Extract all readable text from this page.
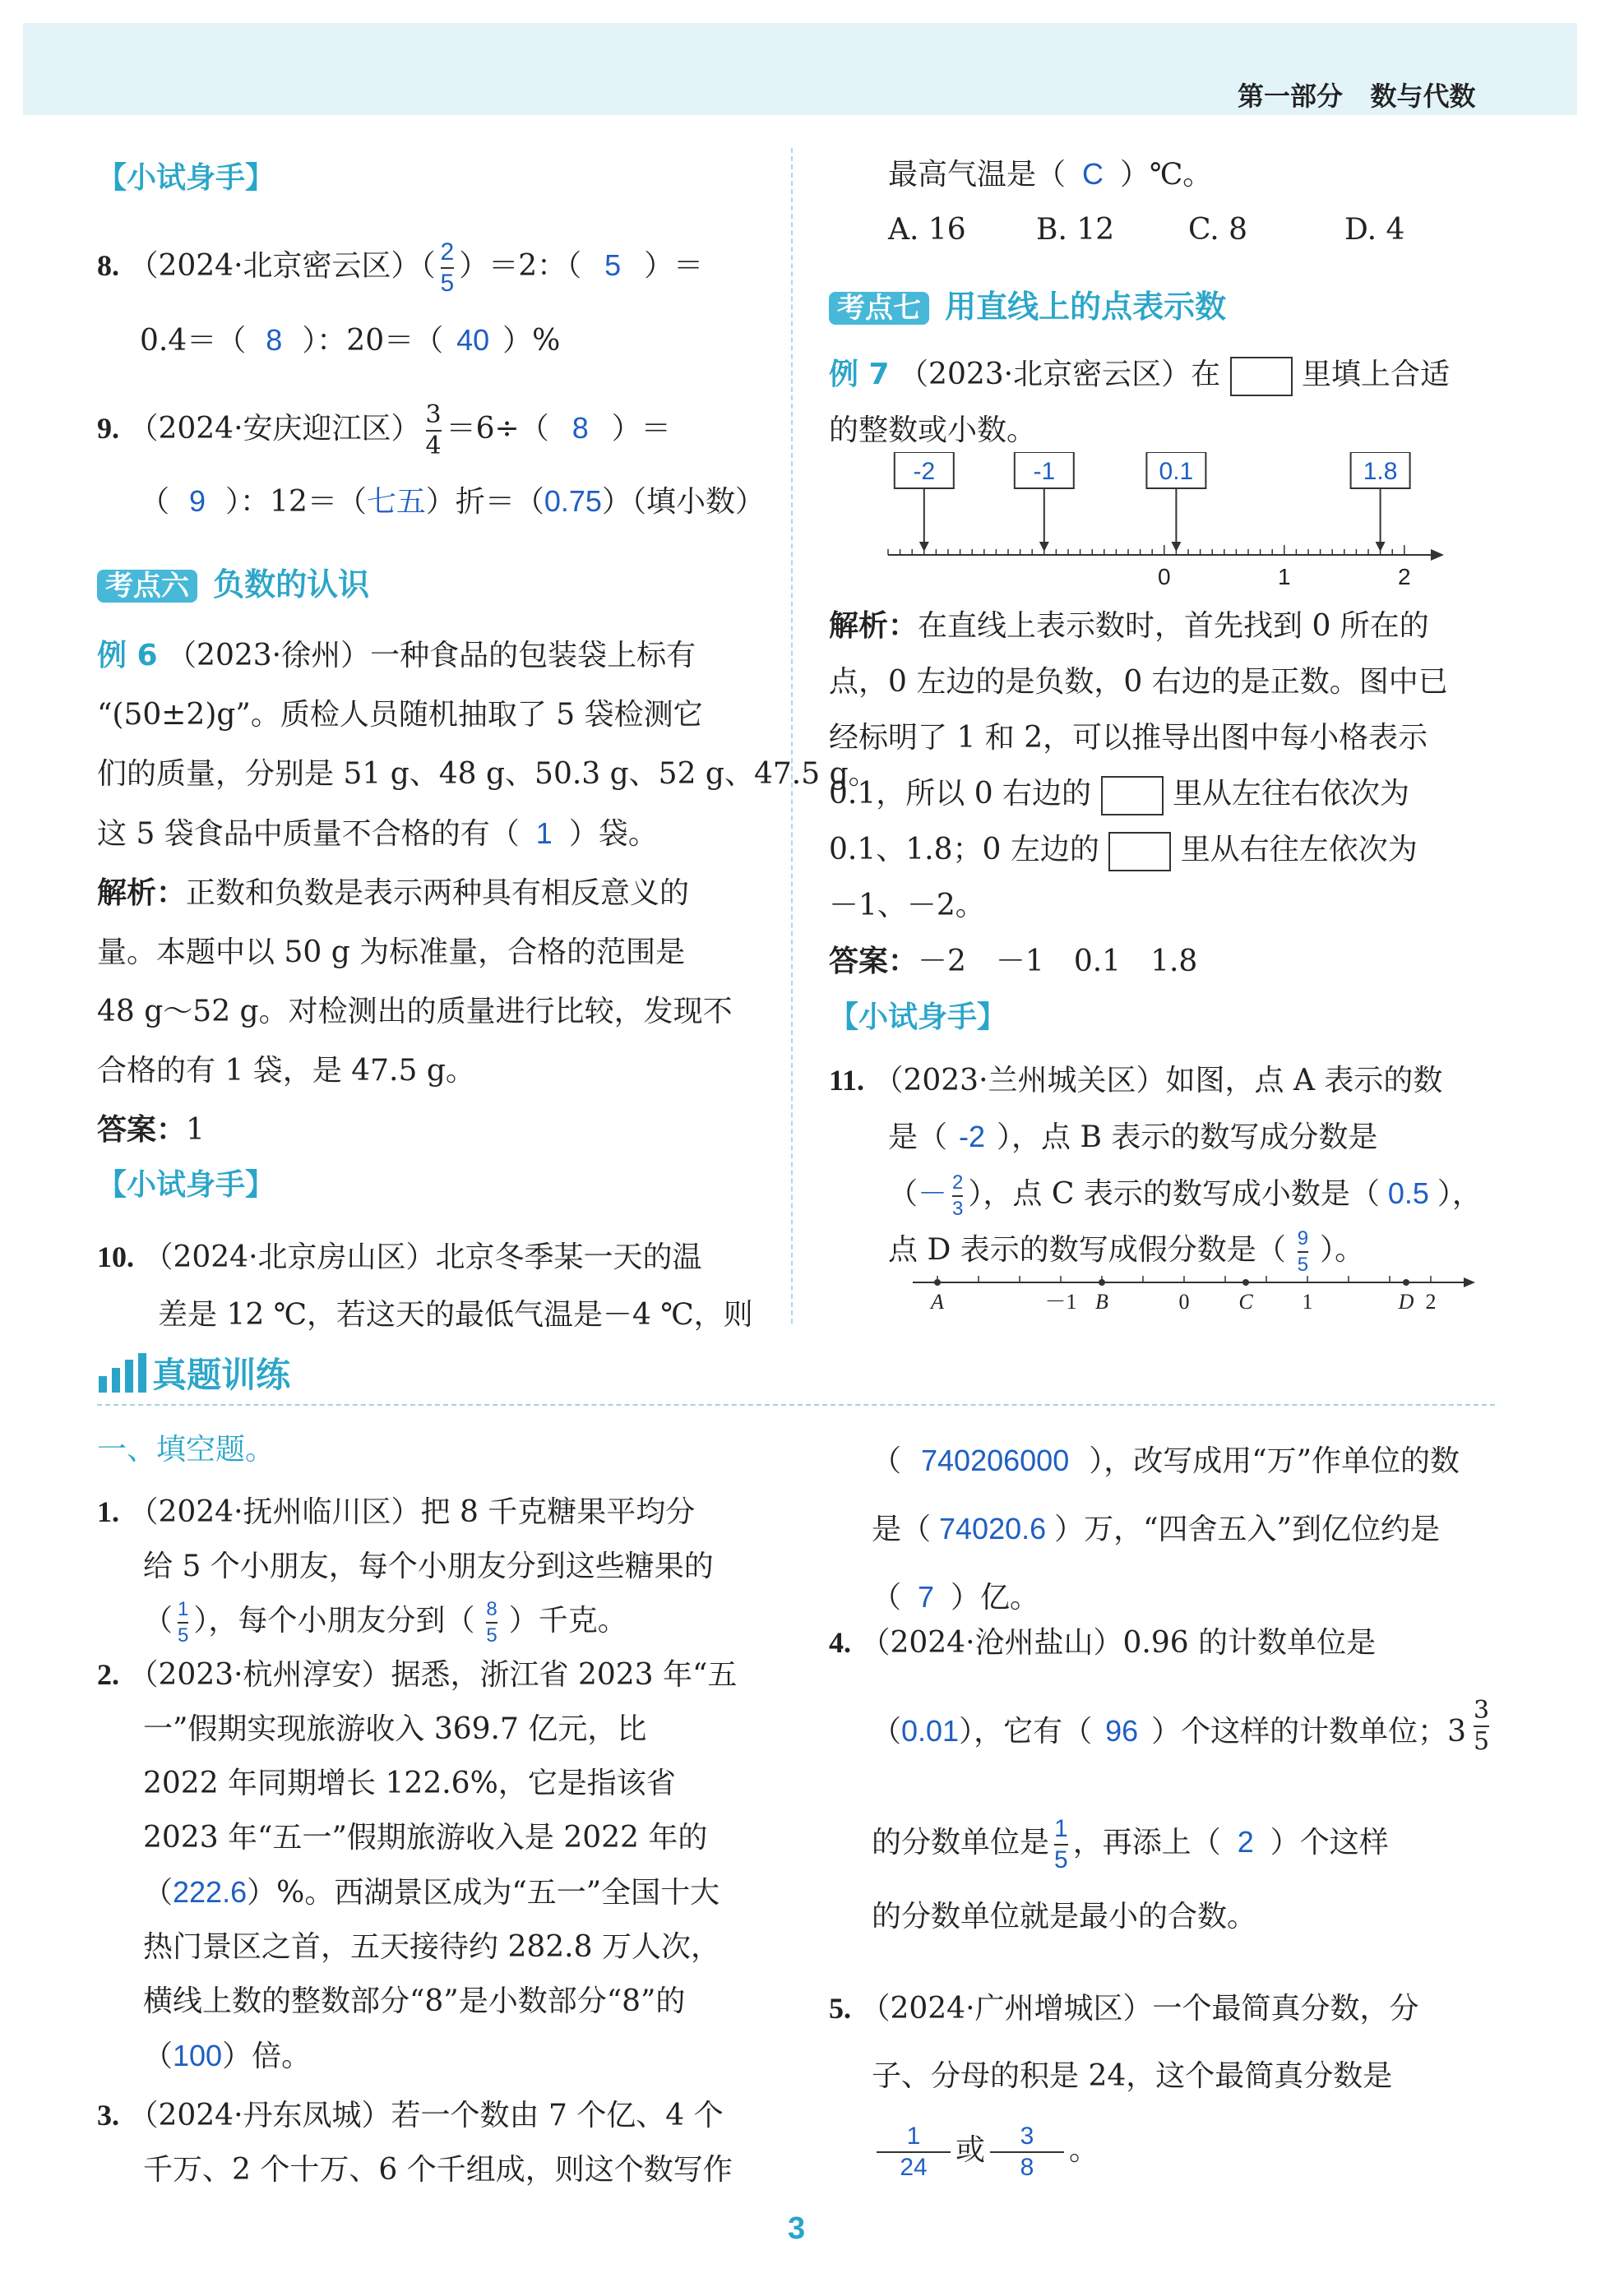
第一部分 数与代数
【小试身手】
8. （2024·北京密云区）（ $\frac{2}{5} )=2$：（ 5 ）＝
0.4＝（ 8 ）：20＝（ 40 ）%
9. （2024·安庆迎江区） $\frac{3}{4} =6\div$（ 8 ）＝
（ 9 ）：12＝（七五）折＝（0.75）（填小数）
考点六 负数的认识
例 6 （2023·徐州）一种食品的包装袋上标有
“(50±2)g”。质检人员随机抽取了 5 袋检测它
们的质量，分别是 51 g、48 g、50.3 g、52 g、47.5 g。
这 5 袋食品中质量不合格的有（ 1 ）袋。
解析：正数和负数是表示两种具有相反意义的
量。本题中以 50 g 为标准量，合格的范围是
48 g～52 g。对检测出的质量进行比较，发现不
合格的有 1 袋，是 47.5 g。
答案：1
【小试身手】
10. （2024·北京房山区）北京冬季某一天的温
差是 12 ℃，若这天的最低气温是－4 ℃，则
最高气温是（ C ）℃。
A. 16 B. 12 C. 8	D. 4
考点七 用直线上的点表示数
例 7 （2023·北京密云区）在	里填上合适
的整数或小数。
0	1	2
-2	-1	0.1	1.8
解析：在直线上表示数时，首先找到 0 所在的
点，0 左边的是负数，0 右边的是正数。图中已
经标明了 1 和 2，可以推导出图中每小格表示
0.1，所以 0 右边的	里从左往右依次为
0.1、1.8；0 左边的	里从右往左依次为
－1、－2。
答案：－2　－1　0.1　1.8
【小试身手】
11. （2023·兰州城关区）如图，点 A 表示的数
是（ -2 ），点 B 表示的数写成分数是
（－ $\frac{2}{3}$ ），点 C 表示的数写成小数是（ 0.5 ），
点 D 表示的数写成假分数是（ $\frac{9}{5}$ ）。
A	－1 B	0 C 1	D 2
真题训练
一、填空题。
1. （2024·抚州临川区）把 8 千克糖果平均分
给 5 个小朋友，每个小朋友分到这些糖果的
（ $\frac{1}{5}$ ），每个小朋友分到（ $\frac{8}{5}$ ）千克。
2. （2023·杭州淳安）据悉，浙江省 2023 年“五
一”假期实现旅游收入 369.7 亿元，比
2022 年同期增长 122.6%，它是指该省
2023 年“五一”假期旅游收入是 2022 年的
（222.6）%。西湖景区成为“五一”全国十大
热门景区之首，五天接待约 282.8 万人次，
横线上数的整数部分“8”是小数部分“8”的
（100）倍。
3. （2024·丹东凤城）若一个数由 7 个亿、4 个
千万、2 个十万、6 个千组成，则这个数写作
（ 740206000 ），改写成用“万”作单位的数
是（ 74020.6 ）万，“四舍五入”到亿位约是
（ 7 ）亿。
4. （2024·沧州盐山）0.96 的计数单位是
（0.01），它有（ 96 ）个这样的计数单位；$3 \frac{3}{5}$
的分数单位是 $\frac{1}{5}$ ，再添上（ 2 ）个这样
的分数单位就是最小的合数。
5. （2024·广州增城区）一个最简真分数，分
子、分母的积是 24，这个最简真分数是
$\frac{1}{24}$ 或 $\frac{3}{8}$ 。
3
